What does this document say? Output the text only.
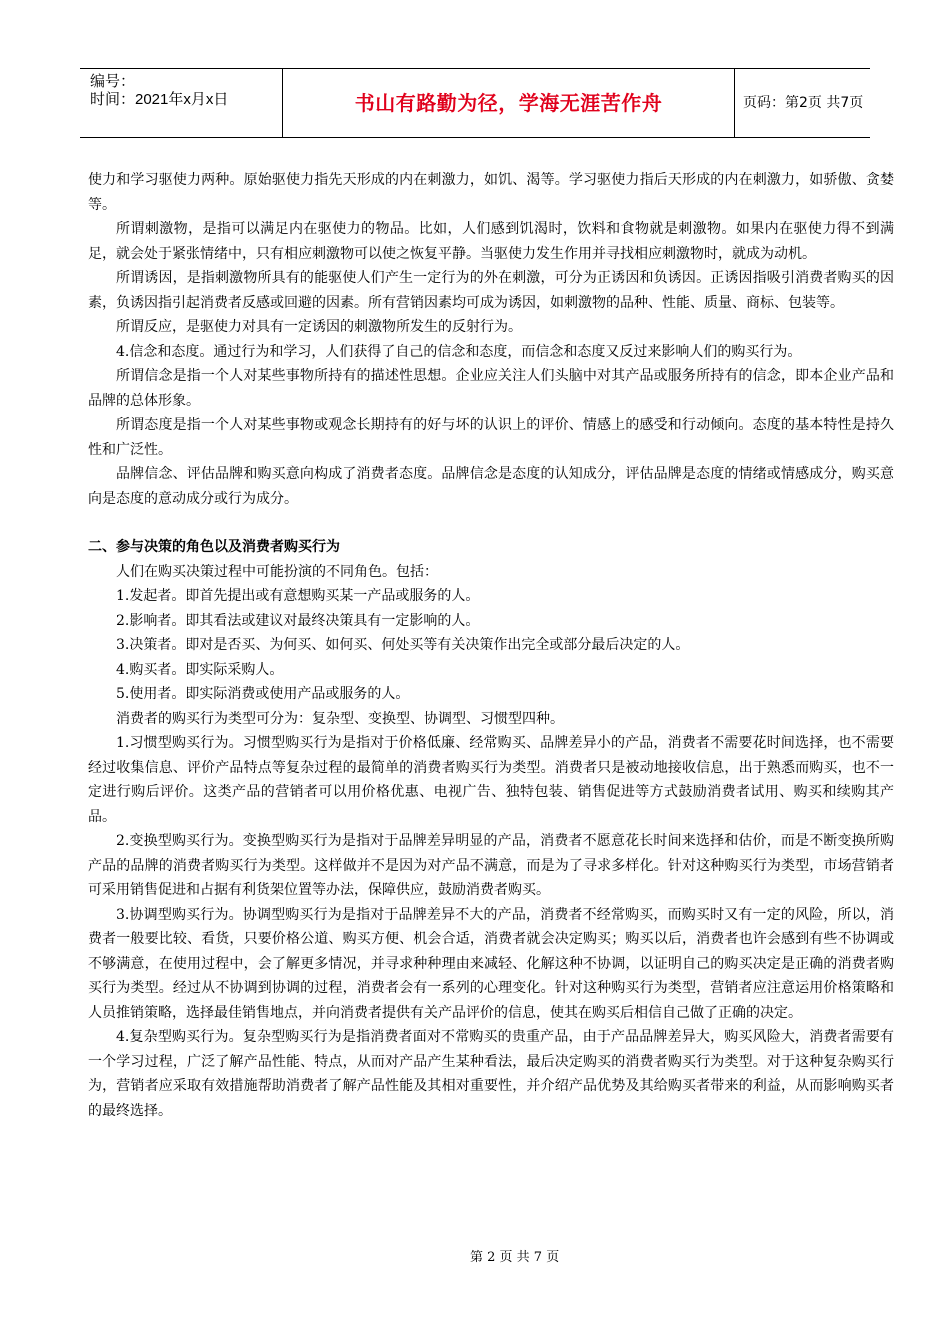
编号：
时间：2021年x月x日	书山有路勤为径，学海无涯苦作舟	页码：第2页 共7页

使力和学习驱使力两种。原始驱使力指先天形成的内在刺激力，如饥、渴等。学习驱使力指后天形成的内在刺激力，如骄傲、贪婪等。

所谓刺激物，是指可以满足内在驱使力的物品。比如，人们感到饥渴时，饮料和食物就是刺激物。如果内在驱使力得不到满足，就会处于紧张情绪中，只有相应刺激物可以使之恢复平静。当驱使力发生作用并寻找相应刺激物时，就成为动机。

所谓诱因，是指刺激物所具有的能驱使人们产生一定行为的外在刺激，可分为正诱因和负诱因。正诱因指吸引消费者购买的因素，负诱因指引起消费者反感或回避的因素。所有营销因素均可成为诱因，如刺激物的品种、性能、质量、商标、包装等。

所谓反应，是驱使力对具有一定诱因的刺激物所发生的反射行为。

4.信念和态度。通过行为和学习，人们获得了自己的信念和态度，而信念和态度又反过来影响人们的购买行为。

所谓信念是指一个人对某些事物所持有的描述性思想。企业应关注人们头脑中对其产品或服务所持有的信念，即本企业产品和品牌的总体形象。

所谓态度是指一个人对某些事物或观念长期持有的好与坏的认识上的评价、情感上的感受和行动倾向。态度的基本特性是持久性和广泛性。

品牌信念、评估品牌和购买意向构成了消费者态度。品牌信念是态度的认知成分，评估品牌是态度的情绪或情感成分，购买意向是态度的意动成分或行为成分。

二、参与决策的角色以及消费者购买行为

人们在购买决策过程中可能扮演的不同角色。包括：

1.发起者。即首先提出或有意想购买某一产品或服务的人。

2.影响者。即其看法或建议对最终决策具有一定影响的人。

3.决策者。即对是否买、为何买、如何买、何处买等有关决策作出完全或部分最后决定的人。

4.购买者。即实际采购人。

5.使用者。即实际消费或使用产品或服务的人。

消费者的购买行为类型可分为：复杂型、变换型、协调型、习惯型四种。

1.习惯型购买行为。习惯型购买行为是指对于价格低廉、经常购买、品牌差异小的产品，消费者不需要花时间选择，也不需要经过收集信息、评价产品特点等复杂过程的最简单的消费者购买行为类型。消费者只是被动地接收信息，出于熟悉而购买，也不一定进行购后评价。这类产品的营销者可以用价格优惠、电视广告、独特包装、销售促进等方式鼓励消费者试用、购买和续购其产品。

2.变换型购买行为。变换型购买行为是指对于品牌差异明显的产品，消费者不愿意花长时间来选择和估价，而是不断变换所购产品的品牌的消费者购买行为类型。这样做并不是因为对产品不满意，而是为了寻求多样化。针对这种购买行为类型，市场营销者可采用销售促进和占据有利货架位置等办法，保障供应，鼓励消费者购买。

3.协调型购买行为。协调型购买行为是指对于品牌差异不大的产品，消费者不经常购买，而购买时又有一定的风险，所以，消费者一般要比较、看货，只要价格公道、购买方便、机会合适，消费者就会决定购买；购买以后，消费者也许会感到有些不协调或不够满意，在使用过程中，会了解更多情况，并寻求种种理由来减轻、化解这种不协调，以证明自己的购买决定是正确的消费者购买行为类型。经过从不协调到协调的过程，消费者会有一系列的心理变化。针对这种购买行为类型，营销者应注意运用价格策略和人员推销策略，选择最佳销售地点，并向消费者提供有关产品评价的信息，使其在购买后相信自己做了正确的决定。

4.复杂型购买行为。复杂型购买行为是指消费者面对不常购买的贵重产品，由于产品品牌差异大，购买风险大，消费者需要有一个学习过程，广泛了解产品性能、特点，从而对产品产生某种看法，最后决定购买的消费者购买行为类型。对于这种复杂购买行为，营销者应采取有效措施帮助消费者了解产品性能及其相对重要性，并介绍产品优势及其给购买者带来的利益，从而影响购买者的最终选择。

第 2 页 共 7 页
